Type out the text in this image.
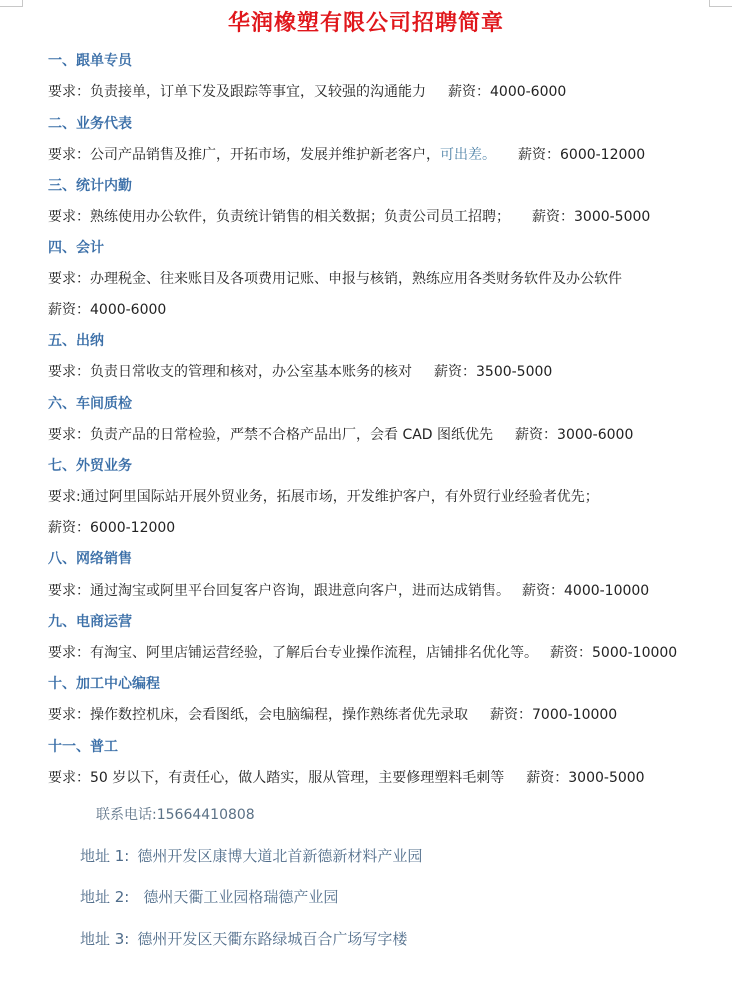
华润橡塑有限公司招聘简章
一、跟单专员
要求：负责接单，订单下发及跟踪等事宜，又较强的沟通能力 薪资：4000-6000
二、业务代表
要求：公司产品销售及推广，开拓市场，发展并维护新老客户，可出差。 薪资：6000-12000
三、统计内勤
要求：熟练使用办公软件，负责统计销售的相关数据；负责公司员工招聘； 薪资：3000-5000
四、会计
要求：办理税金、往来账目及各项费用记账、申报与核销，熟练应用各类财务软件及办公软件
薪资：4000-6000
五、出纳
要求：负责日常收支的管理和核对，办公室基本账务的核对 薪资：3500-5000
六、车间质检
要求：负责产品的日常检验，严禁不合格产品出厂，会看 CAD 图纸优先 薪资：3000-6000
七、外贸业务
要求:通过阿里国际站开展外贸业务，拓展市场，开发维护客户，有外贸行业经验者优先；
薪资：6000-12000
八、网络销售
要求：通过淘宝或阿里平台回复客户咨询，跟进意向客户，进而达成销售。 薪资：4000-10000
九、电商运营
要求：有淘宝、阿里店铺运营经验，了解后台专业操作流程，店铺排名优化等。 薪资：5000-10000
十、加工中心编程
要求：操作数控机床，会看图纸，会电脑编程，操作熟练者优先录取 薪资：7000-10000
十一、普工
要求：50 岁以下，有责任心，做人踏实，服从管理，主要修理塑料毛刺等 薪资：3000-5000
联系电话:15664410808
地址 1: 德州开发区康博大道北首新德新材料产业园
地址 2: 德州天衢工业园格瑞德产业园
地址 3: 德州开发区天衢东路绿城百合广场写字楼
